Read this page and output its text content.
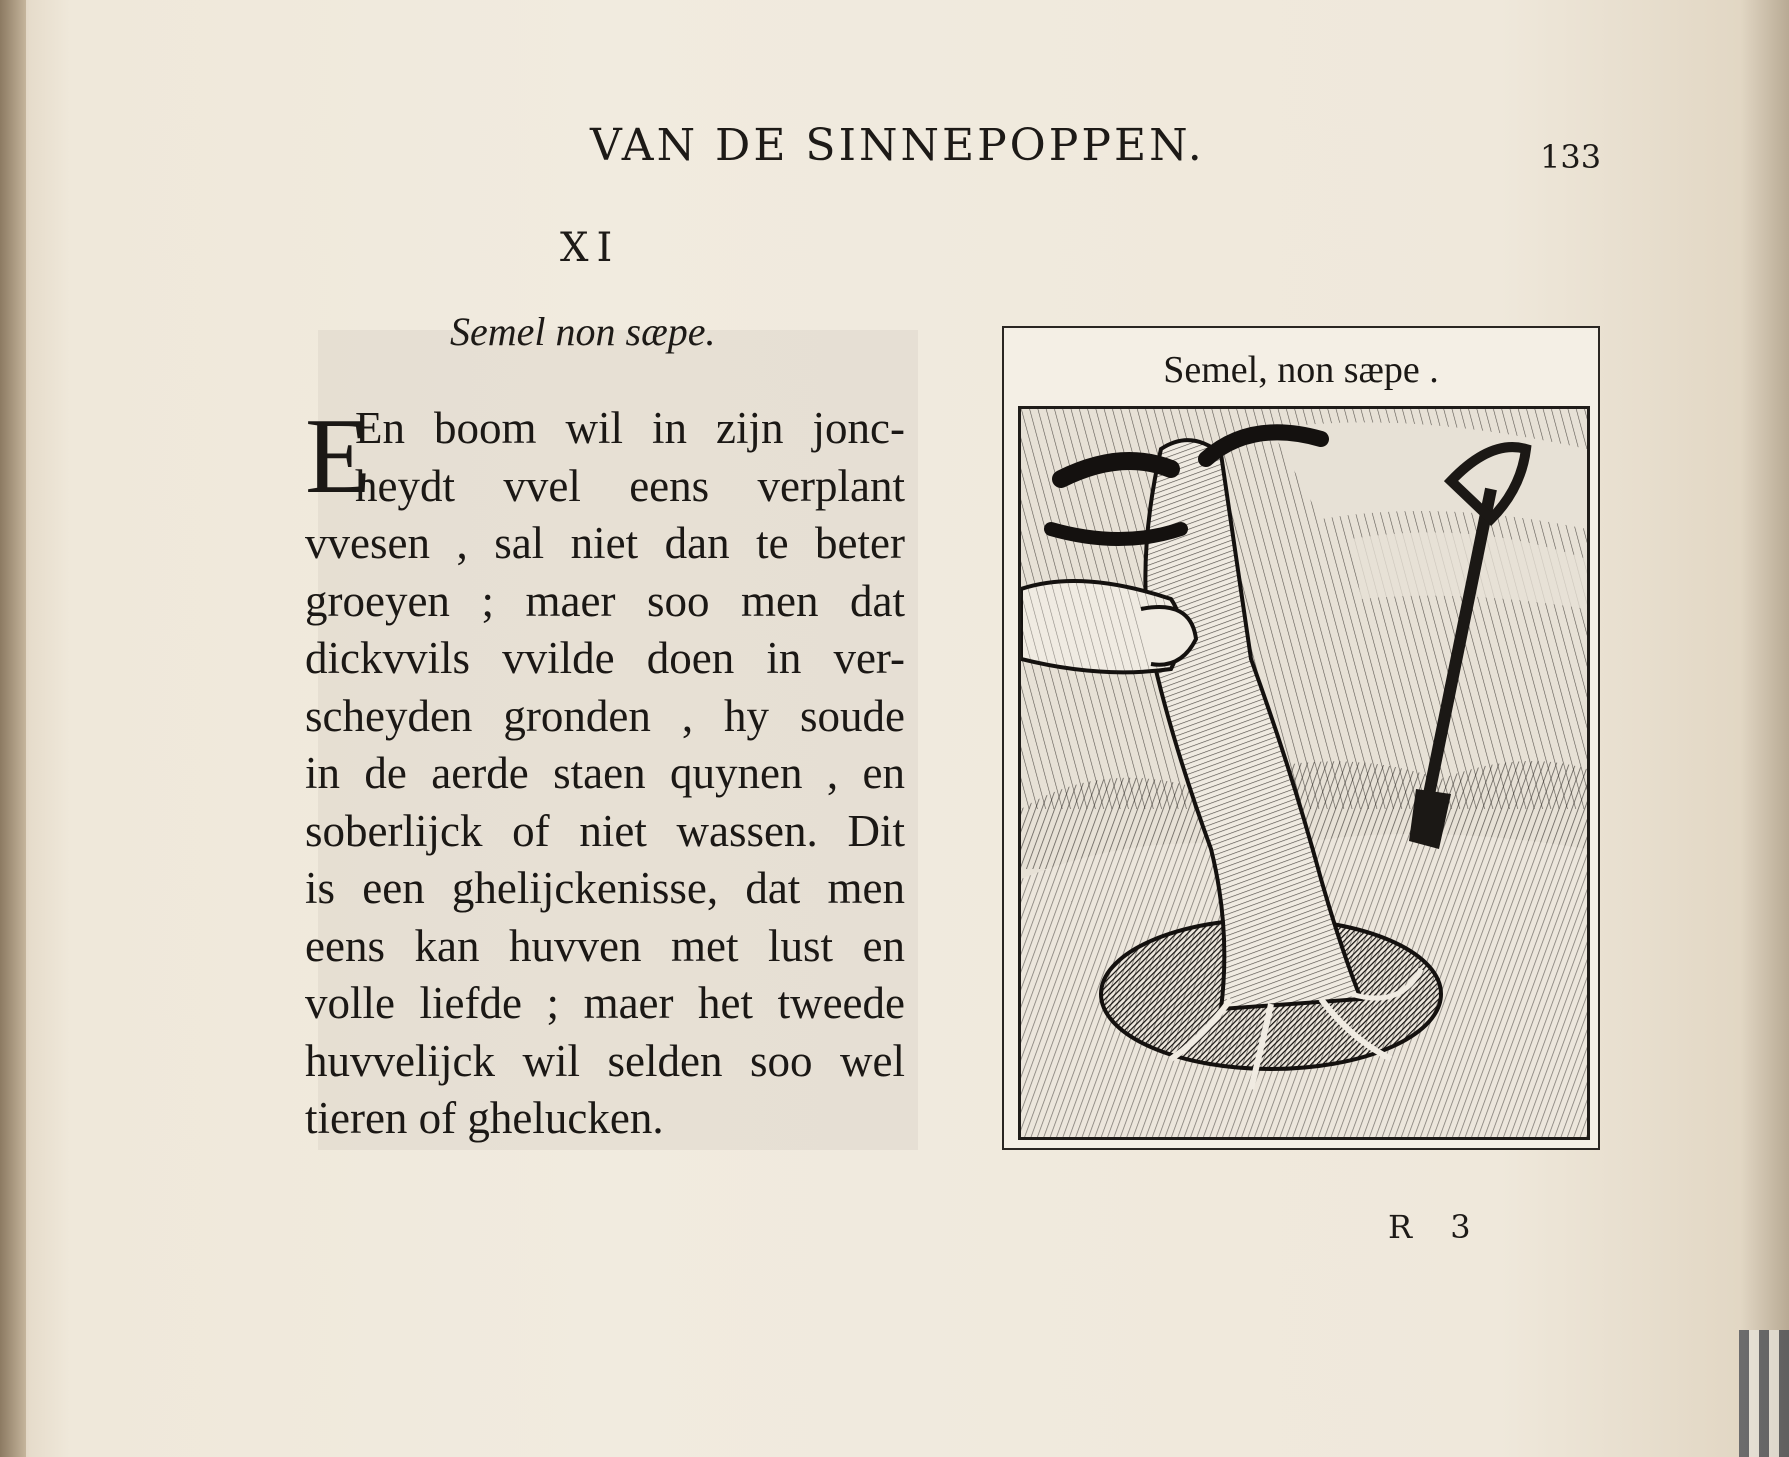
VAN DE SINNEPOPPEN.	133
XI
Semel non sæpe.
E
En boom wil in zijn jonc-
heydt vvel eens verplant
vvesen , sal niet dan te beter
groeyen ; maer soo men dat
dickvvils vvilde doen in ver-
scheyden gronden , hy soude
in de aerde staen quynen , en
soberlijck of niet wassen. Dit
is een ghelijckenisse, dat men
eens kan huvven met lust en
volle liefde ; maer het tweede
huvvelijck wil selden soo wel
tieren of ghelucken.
Semel, non sæpe .
R 3
